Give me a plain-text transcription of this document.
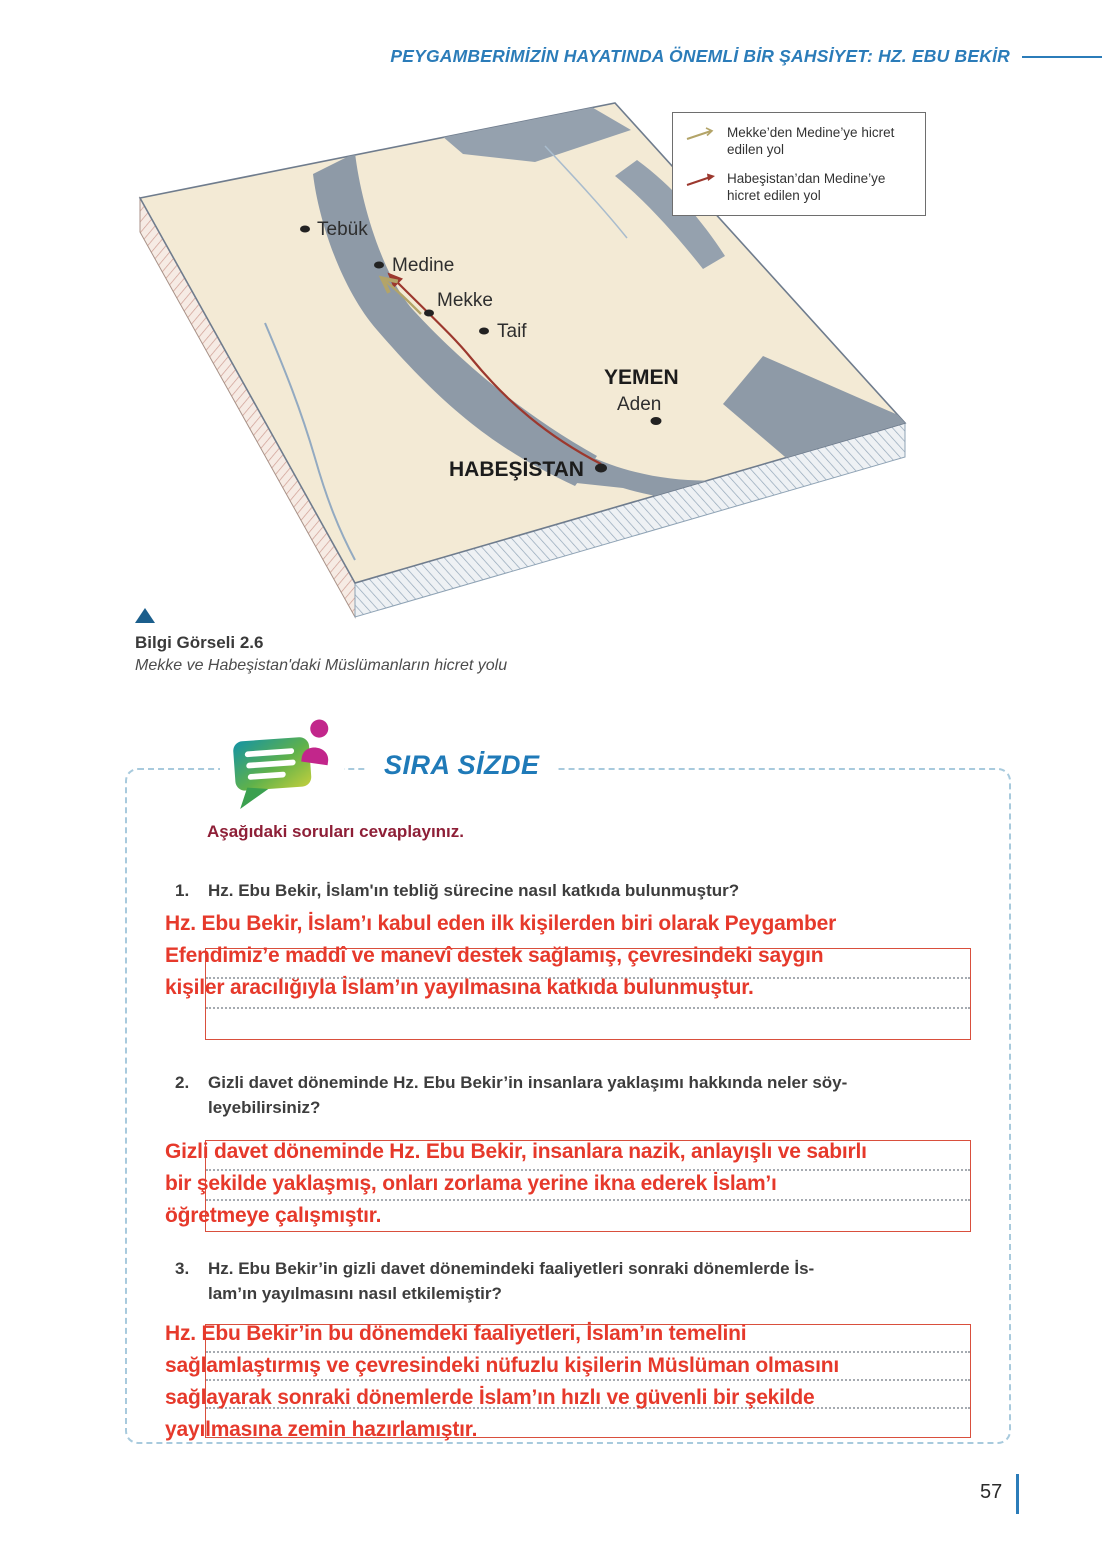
PEYGAMBERİMİZİN HAYATINDA ÖNEMLİ BİR ŞAHSİYET: HZ. EBU BEKİR
Tebük
Medine
Mekke
Taif
YEMEN
Aden
HABEŞİSTAN
Mekke’den Medine’ye hicret edilen yol
Habeşistan’dan Medine’ye hicret edilen yol
Bilgi Görseli 2.6
Mekke ve Habeşistan'daki Müslümanların hicret yolu
SIRA SİZDE
Aşağıdaki soruları cevaplayınız.
1. Hz. Ebu Bekir, İslam'ın tebliğ sürecine nasıl katkıda bulunmuştur?
Hz. Ebu Bekir, İslam’ı kabul eden ilk kişilerden biri olarak Peygamber
Efendimiz’e maddî ve manevî destek sağlamış, çevresindeki saygın
kişiler aracılığıyla İslam’ın yayılmasına katkıda bulunmuştur.
2. Gizli davet döneminde Hz. Ebu Bekir’in insanlara yaklaşımı hakkında neler söy-
leyebilirsiniz?
Gizli davet döneminde Hz. Ebu Bekir, insanlara nazik, anlayışlı ve sabırlı
bir şekilde yaklaşmış, onları zorlama yerine ikna ederek İslam’ı
öğretmeye çalışmıştır.
3. Hz. Ebu Bekir’in gizli davet dönemindeki faaliyetleri sonraki dönemlerde İs-
lam’ın yayılmasını nasıl etkilemiştir?
Hz. Ebu Bekir’in bu dönemdeki faaliyetleri, İslam’ın temelini
sağlamlaştırmış ve çevresindeki nüfuzlu kişilerin Müslüman olmasını
sağlayarak sonraki dönemlerde İslam’ın hızlı ve güvenli bir şekilde
yayılmasına zemin hazırlamıştır.
57
